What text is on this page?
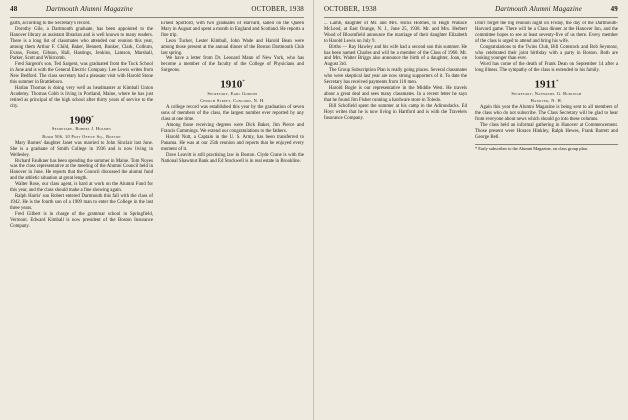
48	Dartmouth Alumni Magazine	OCTOBER, 1938

garth, according to the Secretary's record.

Dorothy Gile, a Dartmouth graduate, has been appointed to the Hanover library as assistant librarian and is well known to many readers. There is a long list of classmates who attended our reunion this year, among them Arthur F. Child, Baker, Bennett, Bunker, Clark, Colburn, Evans, Foster, Gibson, Hall, Hastings, Jenkins, Lamson, Marshall, Parker, Scott and Whitcomb.

Fred Sargent's son, Ted Sargent, was graduated from the Tuck School in June and is with the General Electric Company. Lee Lewis writes from New Bedford. The class secretary had a pleasant visit with Harold Stone this summer in Brattleboro.

Harlan Thomas is doing very well as headmaster at Kimball Union Academy. Thomas Cobb is living in Portland, Maine, where he has just retired as principal of the high school after thirty years of service to the city.

1909*
Secretary, Robert J. Holmes
Room 506, 10 Post Office Sq., Boston

Mary Barnes' daughter Janet was married to John Sinclair last June. She is a graduate of Smith College in 1936 and is now living in Wellesley.

Richard Faulkner has been spending the summer in Maine. Tom Noyes was the class representative at the meeting of the Alumni Council held in Hanover in June. He reports that the Council discussed the alumni fund and the athletic situation at great length.

Walter Rose, our class agent, is hard at work on the Alumni Fund for this year, and the class should make a fine showing again.

Ralph Harris' son Robert entered Dartmouth this fall with the class of 1942. He is the fourth son of a 1909 man to enter the College in the last three years.

Fred Gilbert is in charge of the grammar school in Springfield, Vermont. Edward Kimball is now president of the Boston Insurance Company.

Ernest Spofford, with two graduates of Harvard, sailed on the Queen Mary in August and spent a month in England and Scotland. He reports a fine trip.

Leon Tucker, Lester Kimball, John Wade and Harold Bean were among those present at the annual dinner of the Boston Dartmouth Club last spring.

We have a letter from Dr. Leonard Mann of New York, who has become a member of the faculty of the College of Physicians and Surgeons.

1910*
Secretary, Earl Gordon
Church Street, Concord, N. H.

A college record was established this year by the graduation of seven sons of members of the class, the largest number ever reported by any class at one time.

Among those receiving degrees were Dick Baker, Jim Pierce and Francis Cummings. We extend our congratulations to the fathers.

Harold Nutt, a Captain in the U. S. Army, has been transferred to Panama. He was at our 25th reunion and reports that he enjoyed every moment of it.

Dave Leavitt is still practising law in Boston. Clyde Crane is with the National Shawmut Bank and Ed Stockwell is in real estate in Brookline.

OCTOBER, 1938	Dartmouth Alumni Magazine	49

... Lamb, daughter of Mr. and Mrs. Hicks Holmes, to Hugh Wallace McLeod, at East Orange, N. J., June 25, 1938. Mr. and Mrs. Herbert Wood of Bloomfield announce the marriage of their daughter Elizabeth to Harold Lewis on July 9.

Births — Ray Hawley and his wife had a second son this summer. He has been named Charles and will be a member of the Class of 1960. Mr. and Mrs. Walter Briggs also announce the birth of a daughter, Joan, on August 3rd.

The Group Subscription Plan is really going places. Several classmates who were skeptical last year are now strong supporters of it. To date the Secretary has received payments from 118 men.

Harold Bogle is our representative in the Middle West. He travels about a great deal and sees many classmates. In a recent letter he says that he found Jim Fisher running a hardware store in Toledo.

Bill Schofield spent the summer at his camp in the Adirondacks. Ed Hoyt writes that he is now living in Hartford and is with the Travelers Insurance Company.

Don't forget the big reunion night on Friday, the day of the Dartmouth-Harvard game. There will be a Class dinner at the Hanover Inn, and the committee hopes to see at least seventy-five of us there. Every member of the class is urged to attend and bring his wife.

Congratulations to the Twins Club, Bill Comstock and Bob Seymour, who celebrated their joint birthday with a party in Boston. Both are looking younger than ever.

Word has come of the death of Frank Dean on September 14 after a long illness. The sympathy of the class is extended to his family.

1911*
Secretary, Nathaniel G. Burleigh
Hanover, N. H.

Again this year the Alumni Magazine is being sent to all members of the class who do not subscribe. The Class Secretary will be glad to hear from everyone about news which should go into these columns.

The class held an informal gathering in Hanover at Commencement. Those present were Horace Hinkley, Ralph Hewes, Frank Barrett and George Bell.

* Early subscriber to the Alumni Magazine, on class group plan.
